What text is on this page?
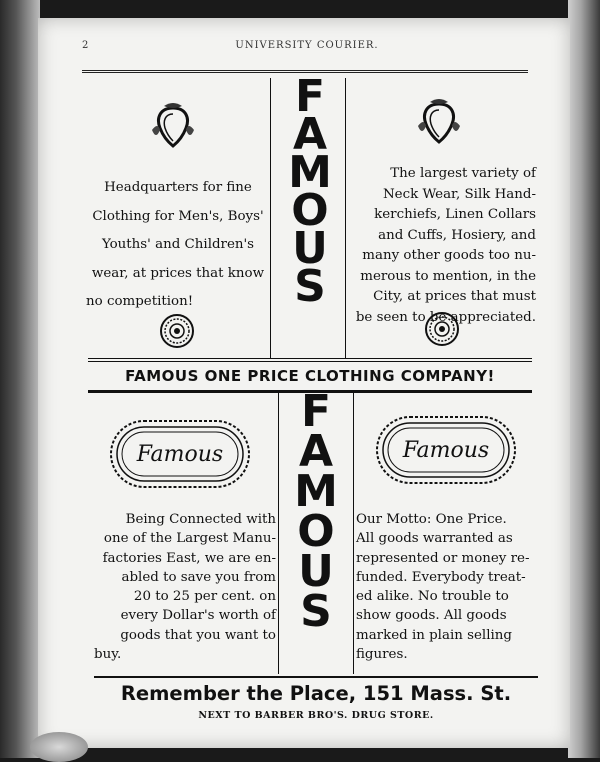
2	UNIVERSITY COURIER.
F
A
M
O
U
S
F
A
M
O
U
S
Headquarters for fine
Clothing for Men's, Boys'
Youths' and Children's
wear, at prices that know
no competition!
The largest variety of
Neck Wear, Silk Hand-
kerchiefs, Linen Collars
and Cuffs, Hosiery, and
many other goods too nu-
merous to mention, in the
City, at prices that must
be seen to be appreciated.
FAMOUS ONE PRICE CLOTHING COMPANY!
Famous	Famous
Being Connected with
one of the Largest Manu-
factories East, we are en-
abled to save you from
20 to 25 per cent. on
every Dollar's worth of
goods that you want to
buy.
Our Motto: One Price.
All goods warranted as
represented or money re-
funded. Everybody treat-
ed alike. No trouble to
show goods. All goods
marked in plain selling
figures.
Remember the Place, 151 Mass. St.
NEXT TO BARBER BRO'S. DRUG STORE.
